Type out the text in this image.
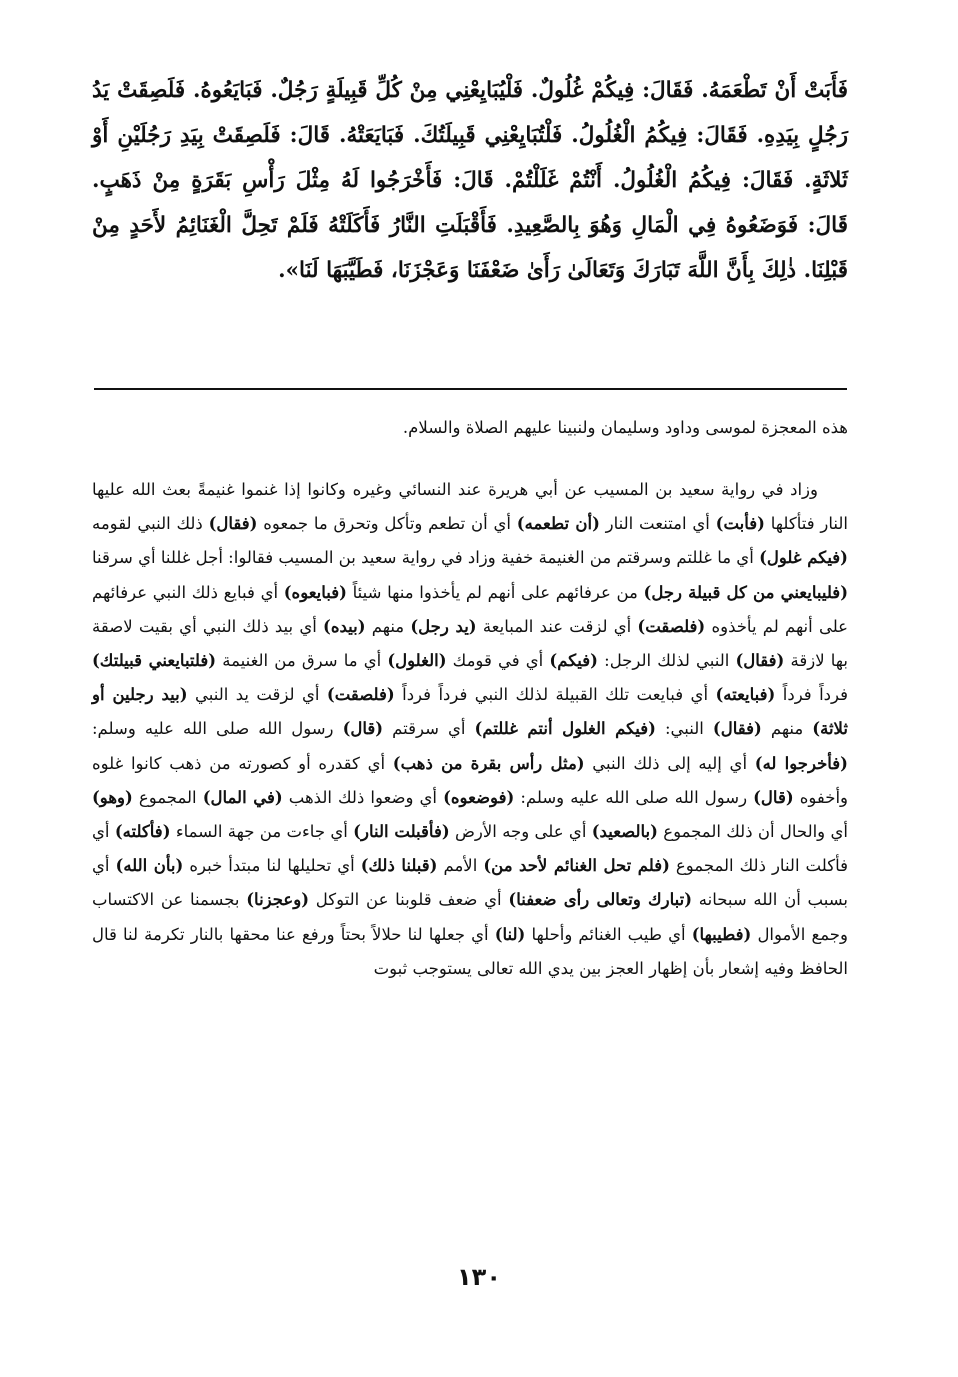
فَأَبَتْ أَنْ تَطْعَمَهُ. فَقَالَ: فِيكُمْ غُلُولٌ. فَلْيُبَايِعْنِي مِنْ كُلِّ قَبِيلَةٍ رَجُلٌ. فَبَايَعُوهُ. فَلَصِقَتْ يَدُ رَجُلٍ بِيَدِهِ. فَقَالَ: فِيكُمُ الْغُلُولُ. فَلْتُبَايِعْنِي قَبِيلَتُكَ. فَبَايَعَتْهُ. قَالَ: فَلَصِقَتْ بِيَدِ رَجُلَيْنِ أَوْ ثَلاثَةٍ. فَقَالَ: فِيكُمُ الْغُلُولُ. أَنْتُمْ غَلَلْتُمْ. قَالَ: فَأَخْرَجُوا لَهُ مِثْلَ رَأْسِ بَقَرَةٍ مِنْ ذَهَبٍ. قَالَ: فَوَضَعُوهُ فِي الْمَالِ وَهُوَ بِالصَّعِيدِ. فَأَقْبَلَتِ النَّارُ فَأَكَلَتْهُ فَلَمْ تَحِلَّ الْغَنَائِمُ لأَحَدٍ مِنْ قَبْلِنَا. ذٰلِكَ بِأَنَّ اللَّهَ تَبَارَكَ وَتَعَالَىٰ رَأَىٰ ضَعْفَنَا وَعَجْزَنَا، فَطَيَّبَهَا لَنَا».

هذه المعجزة لموسى وداود وسليمان ولنبينا عليهم الصلاة والسلام.

وزاد في رواية سعيد بن المسيب عن أبي هريرة عند النسائي وغيره وكانوا إذا غنموا غنيمةً بعث الله عليها النار فتأكلها (فأبت) أي امتنعت النار (أن تطعمه) أي أن تطعم وتأكل وتحرق ما جمعوه (فقال) ذلك النبي لقومه (فيكم غلول) أي ما غللتم وسرقتم من الغنيمة خفية وزاد في رواية سعيد بن المسيب فقالوا: أجل غللنا أي سرقنا (فليبايعني من كل قبيلة رجل) من عرفائهم على أنهم لم يأخذوا منها شيئاً (فبايعوه) أي فبايع ذلك النبي عرفائهم على أنهم لم يأخذوه (فلصقت) أي لزقت عند المبايعة (يد رجل) منهم (بيده) أي بيد ذلك النبي أي بقيت لاصقة بها لازقة (فقال) النبي لذلك الرجل: (فيكم) أي في قومك (الغلول) أي ما سرق من الغنيمة (فلتبايعني قبيلتك) فرداً فرداً (فبايعته) أي فبايعت تلك القبيلة لذلك النبي فرداً فرداً (فلصقت) أي لزقت يد النبي (بيد رجلين أو ثلاثة) منهم (فقال) النبي: (فيكم الغلول أنتم غللتم) أي سرقتم (قال) رسول الله صلى الله عليه وسلم: (فأخرجوا له) أي إليه إلى ذلك النبي (مثل رأس بقرة من ذهب) أي كقدره أو كصورته من ذهب كانوا غلوه وأخفوه (قال) رسول الله صلى الله عليه وسلم: (فوضعوه) أي وضعوا ذلك الذهب (في المال) المجموع (وهو) أي والحال أن ذلك المجموع (بالصعيد) أي على وجه الأرض (فأقبلت النار) أي جاءت من جهة السماء (فأكلته) أي فأكلت النار ذلك المجموع (فلم تحل الغنائم لأحد من) الأمم (قبلنا ذلك) أي تحليلها لنا مبتدأ خبره (بأن الله) أي بسبب أن الله سبحانه (تبارك وتعالى رأى ضعفنا) أي ضعف قلوبنا عن التوكل (وعجزنا) بجسمنا عن الاكتساب وجمع الأموال (فطيبها) أي طيب الغنائم وأحلها (لنا) أي جعلها لنا حلالاً بحتاً ورفع عنا محقها بالنار تكرمة لنا قال الحافظ وفيه إشعار بأن إظهار العجز بين يدي الله تعالى يستوجب ثبوت

١٣٠
